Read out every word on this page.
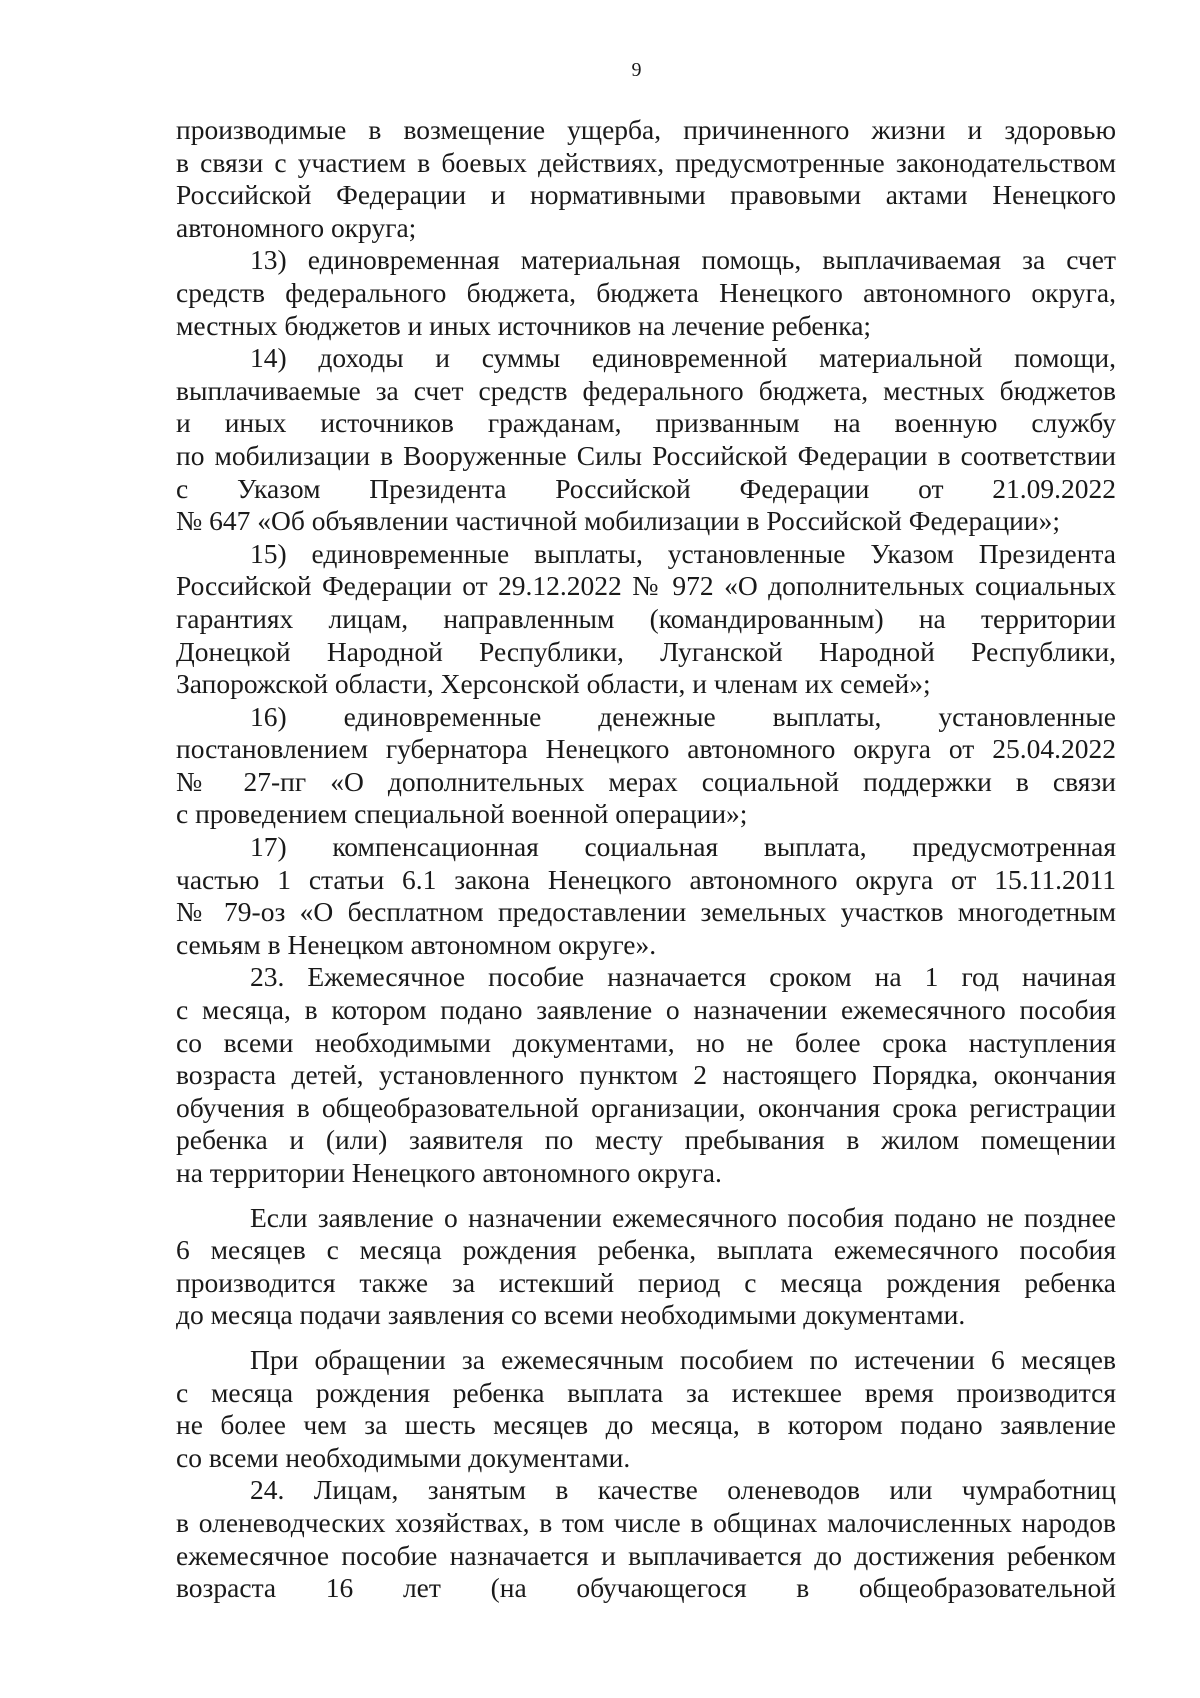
9
производимые в возмещение ущерба, причиненного жизни и здоровью
в связи с участием в боевых действиях, предусмотренные законодательством
Российской Федерации и нормативными правовыми актами Ненецкого
автономного округа;
13) единовременная материальная помощь, выплачиваемая за счет
средств федерального бюджета, бюджета Ненецкого автономного округа,
местных бюджетов и иных источников на лечение ребенка;
14) доходы и суммы единовременной материальной помощи,
выплачиваемые за счет средств федерального бюджета, местных бюджетов
и иных источников гражданам, призванным на военную службу
по мобилизации в Вооруженные Силы Российской Федерации в соответствии
с Указом Президента Российской Федерации от 21.09.2022
№ 647 «Об объявлении частичной мобилизации в Российской Федерации»;
15) единовременные выплаты, установленные Указом Президента
Российской Федерации от 29.12.2022 № 972 «О дополнительных социальных
гарантиях лицам, направленным (командированным) на территории
Донецкой Народной Республики, Луганской Народной Республики,
Запорожской области, Херсонской области, и членам их семей»;
16) единовременные денежные выплаты, установленные
постановлением губернатора Ненецкого автономного округа от 25.04.2022
№ 27-пг «О дополнительных мерах социальной поддержки в связи
с проведением специальной военной операции»;
17) компенсационная социальная выплата, предусмотренная
частью 1 статьи 6.1 закона Ненецкого автономного округа от 15.11.2011
№ 79-оз «О бесплатном предоставлении земельных участков многодетным
семьям в Ненецком автономном округе».
23. Ежемесячное пособие назначается сроком на 1 год начиная
с месяца, в котором подано заявление о назначении ежемесячного пособия
со всеми необходимыми документами, но не более срока наступления
возраста детей, установленного пунктом 2 настоящего Порядка, окончания
обучения в общеобразовательной организации, окончания срока регистрации
ребенка и (или) заявителя по месту пребывания в жилом помещении
на территории Ненецкого автономного округа.
Если заявление о назначении ежемесячного пособия подано не позднее
6 месяцев с месяца рождения ребенка, выплата ежемесячного пособия
производится также за истекший период с месяца рождения ребенка
до месяца подачи заявления со всеми необходимыми документами.
При обращении за ежемесячным пособием по истечении 6 месяцев
с месяца рождения ребенка выплата за истекшее время производится
не более чем за шесть месяцев до месяца, в котором подано заявление
со всеми необходимыми документами.
24. Лицам, занятым в качестве оленеводов или чумработниц
в оленеводческих хозяйствах, в том числе в общинах малочисленных народов
ежемесячное пособие назначается и выплачивается до достижения ребенком
возраста 16 лет (на обучающегося в общеобразовательной
